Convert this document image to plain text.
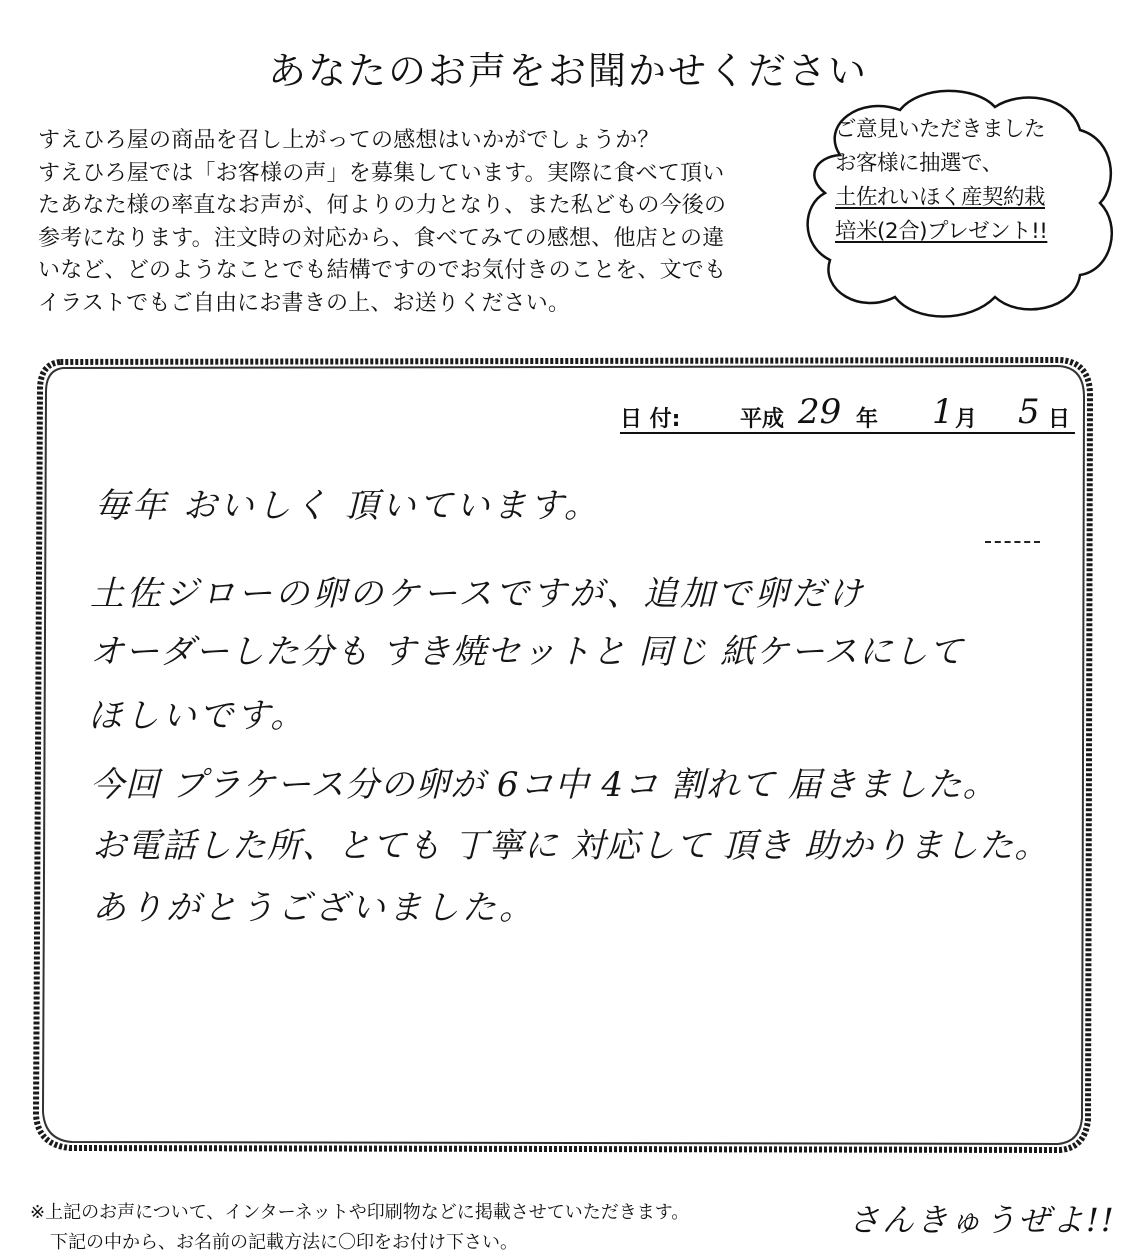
あなたのお声をお聞かせください
すえひろ屋の商品を召し上がっての感想はいかがでしょうか？
すえひろ屋では「お客様の声」を募集しています。実際に食べて頂い
たあなた様の率直なお声が、何よりの力となり、また私どもの今後の
参考になります。注文時の対応から、食べてみての感想、他店との違
いなど、どのようなことでも結構ですのでお気付きのことを、文でも
イラストでもご自由にお書きの上、お送りください。
ご意見いただきました
お客様に抽選で、
土佐れいほく産契約栽
培米(2合)プレゼント!!
日 付:	平成 29 年 1 月 5 日
毎年 おいしく 頂いています。
土佐ジローの卵のケースですが、追加で卵だけ
オーダーした分も すき焼セットと 同じ 紙ケースにして
ほしいです。
今回 プラケース分の卵が 6コ中 4コ 割れて 届きました。
お電話した所、とても 丁寧に 対応して 頂き 助かりました。
ありがとうございました。
※上記のお声について、インターネットや印刷物などに掲載させていただきます。
下記の中から、お名前の記載方法に〇印をお付け下さい。
さんきゅうぜよ!!
